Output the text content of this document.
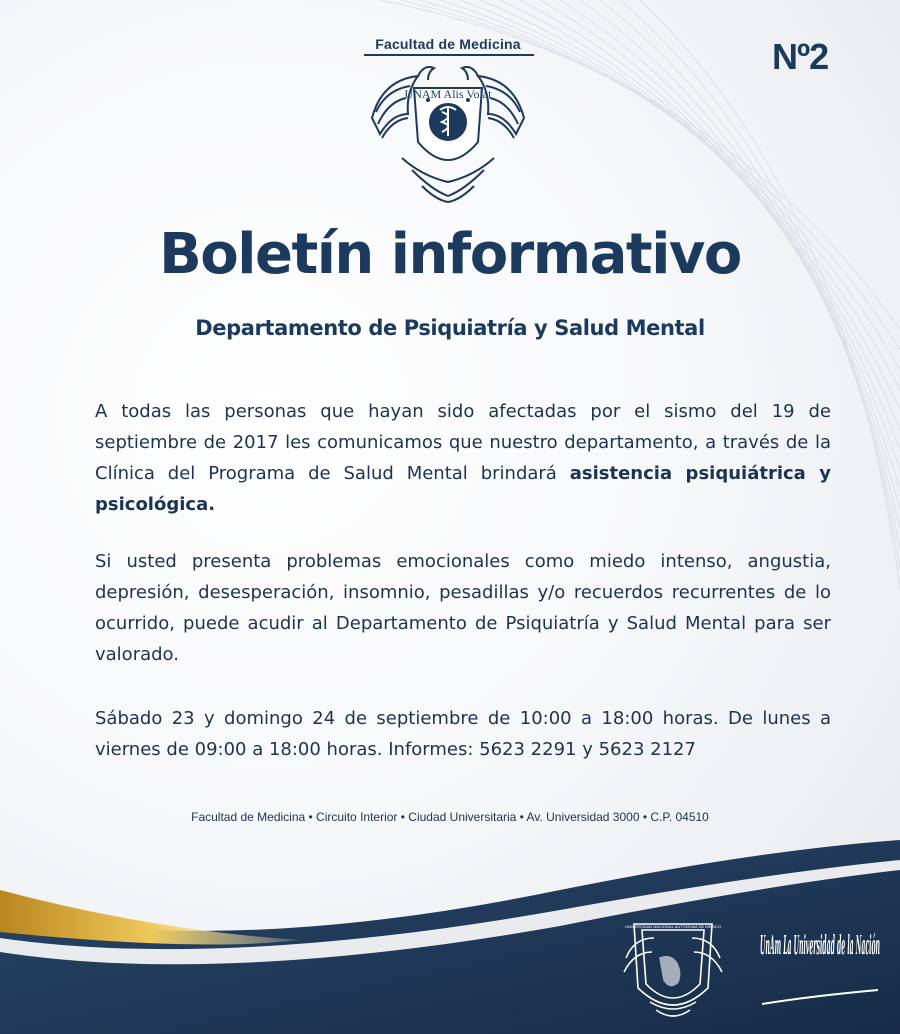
Facultad de Medicina
UNAM Alis Volat
Nº2
Boletín informativo
Departamento de Psiquiatría y Salud Mental

A todas las personas que hayan sido afectadas por el sismo del 19 de septiembre de 2017 les comunicamos que nuestro departamento, a través de la Clínica del Programa de Salud Mental brindará asistencia psiquiátrica y psicológica.

Si usted presenta problemas emocionales como miedo intenso, angustia, depresión, desesperación, insomnio, pesadillas y/o recuerdos recurrentes de lo ocurrido, puede acudir al Departamento de Psiquiatría y Salud Mental para ser valorado.

Sábado 23 y domingo 24 de septiembre de 10:00 a 18:00 horas. De lunes a viernes de 09:00 a 18:00 horas. Informes: 5623 2291 y 5623 2127

Facultad de Medicina • Circuito Interior • Ciudad Universitaria • Av. Universidad 3000 • C.P. 04510
UNIVERSIDAD NACIONAL AUTÓNOMA DE MÉXICO
UnAm La Universidad de la Nación
